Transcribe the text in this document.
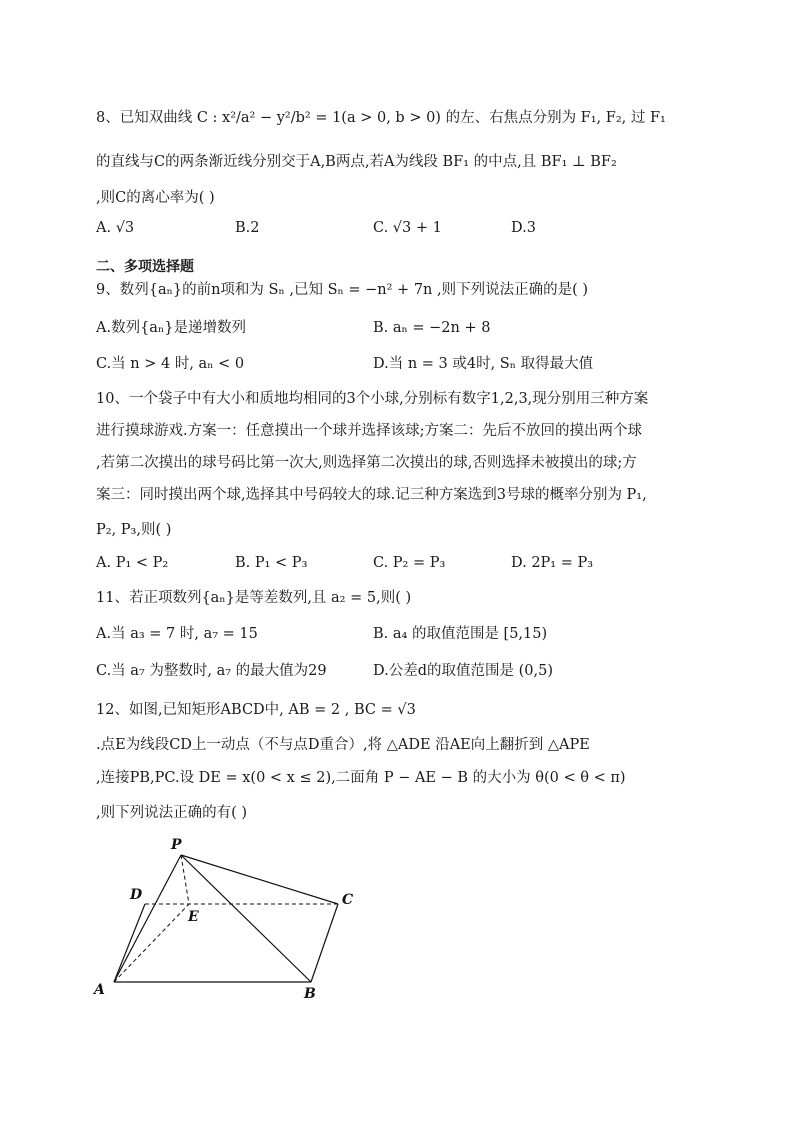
8、已知双曲线 C : x²/a² − y²/b² = 1(a > 0, b > 0) 的左、右焦点分别为 F₁, F₂, 过 F₁
的直线与C的两条渐近线分别交于A,B两点,若A为线段 BF₁ 的中点,且 BF₁ ⊥ BF₂
,则C的离心率为( )
A. √3	B.2	C. √3 + 1	D.3
二、多项选择题
9、数列{aₙ}的前n项和为 Sₙ ,已知 Sₙ = −n² + 7n ,则下列说法正确的是( )
A.数列{aₙ}是递增数列	B. aₙ = −2n + 8
C.当 n > 4 时, aₙ < 0	D.当 n = 3 或4时, Sₙ 取得最大值
10、一个袋子中有大小和质地均相同的3个小球,分别标有数字1,2,3,现分别用三种方案
进行摸球游戏.方案一：任意摸出一个球并选择该球;方案二：先后不放回的摸出两个球
,若第二次摸出的球号码比第一次大,则选择第二次摸出的球,否则选择未被摸出的球;方
案三：同时摸出两个球,选择其中号码较大的球.记三种方案选到3号球的概率分别为 P₁,
P₂, P₃,则( )
A. P₁ < P₂	B. P₁ < P₃	C. P₂ = P₃	D. 2P₁ = P₃
11、若正项数列{aₙ}是等差数列,且 a₂ = 5,则( )
A.当 a₃ = 7 时, a₇ = 15	B. a₄ 的取值范围是 [5,15)
C.当 a₇ 为整数时, a₇ 的最大值为29	D.公差d的取值范围是 (0,5)
12、如图,已知矩形ABCD中, AB = 2 , BC = √3
.点E为线段CD上一动点（不与点D重合）,将 △ADE 沿AE向上翻折到 △APE
,连接PB,PC.设 DE = x(0 < x ≤ 2),二面角 P − AE − B 的大小为 θ(0 < θ < π)
,则下列说法正确的有( )
P
D
E
C
A	B
